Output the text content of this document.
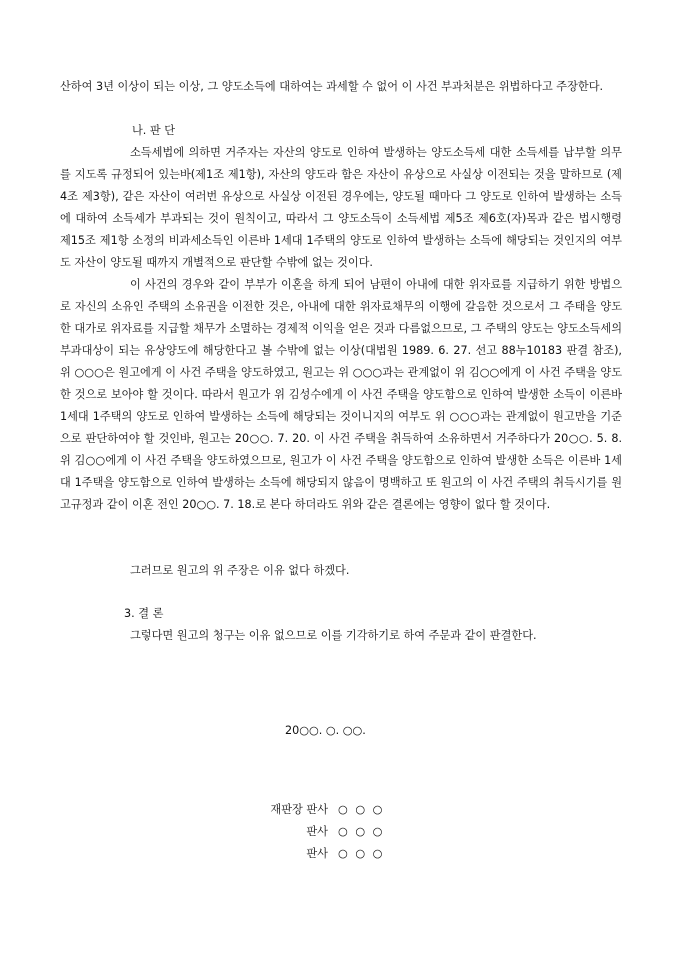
산하여 3년 이상이 되는 이상, 그 양도소득에 대하여는 과세할 수 없어 이 사건 부과처분은 위법하다고 주장한다.

나. 판 단

소득세법에 의하면 거주자는 자산의 양도로 인하여 발생하는 양도소득세 대한 소득세를 납부할 의무를 지도록 규정되어 있는바(제1조 제1항), 자산의 양도라 함은 자산이 유상으로 사실상 이전되는 것을 말하므로 (제4조 제3항), 같은 자산이 여러번 유상으로 사실상 이전된 경우에는, 양도될 때마다 그 양도로 인하여 발생하는 소득에 대하여 소득세가 부과되는 것이 원칙이고, 따라서 그 양도소득이 소득세법 제5조 제6호(자)목과 같은 법시행령 제15조 제1항 소정의 비과세소득인 이른바 1세대 1주택의 양도로 인하여 발생하는 소득에 해당되는 것인지의 여부도 자산이 양도될 때까지 개별적으로 판단할 수밖에 없는 것이다.

이 사건의 경우와 같이 부부가 이혼을 하게 되어 남편이 아내에 대한 위자료를 지급하기 위한 방법으로 자신의 소유인 주택의 소유권을 이전한 것은, 아내에 대한 위자료채무의 이행에 갈음한 것으로서 그 주태을 양도한 대가로 위자료를 지급할 채무가 소멸하는 경제적 이익을 얻은 것과 다름없으므로, 그 주택의 양도는 양도소득세의 부과대상이 되는 유상양도에 해당한다고 볼 수밖에 없는 이상(대법원 1989. 6. 27. 선고 88누10183 판결 참조), 위 ○○○은 원고에게 이 사건 주택을 양도하였고, 원고는 위 ○○○과는 관계없이 위 김○○에게 이 사건 주택을 양도한 것으로 보아야 할 것이다. 따라서 원고가 위 김성수에게 이 사건 주택을 양도함으로 인하여 발생한 소득이 이른바 1세대 1주택의 양도로 인하여 발생하는 소득에 해당되는 것이니지의 여부도 위 ○○○과는 관계없이 원고만을 기준으로 판단하여야 할 것인바, 원고는 20○○. 7. 20. 이 사건 주택을 취득하여 소유하면서 거주하다가 20○○. 5. 8. 위 김○○에게 이 사건 주택을 양도하였으므로, 원고가 이 사건 주택을 양도함으로 인하여 발생한 소득은 이른바 1세대 1주택을 양도함으로 인하여 발생하는 소득에 해당되지 않음이 명백하고 또 원고의 이 사건 주택의 취득시기를 원고규정과 같이 이혼 전인 20○○. 7. 18.로 본다 하더라도 위와 같은 결론에는 영향이 없다 할 것이다.

그러므로 원고의 위 주장은 이유 없다 하겠다.

3. 결 론

그렇다면 원고의 청구는 이유 없으므로 이를 기각하기로 하여 주문과 같이 판결한다.

20○○. ○. ○○.

재판장 판사 ○ ○ ○
판사 ○ ○ ○
판사 ○ ○ ○
